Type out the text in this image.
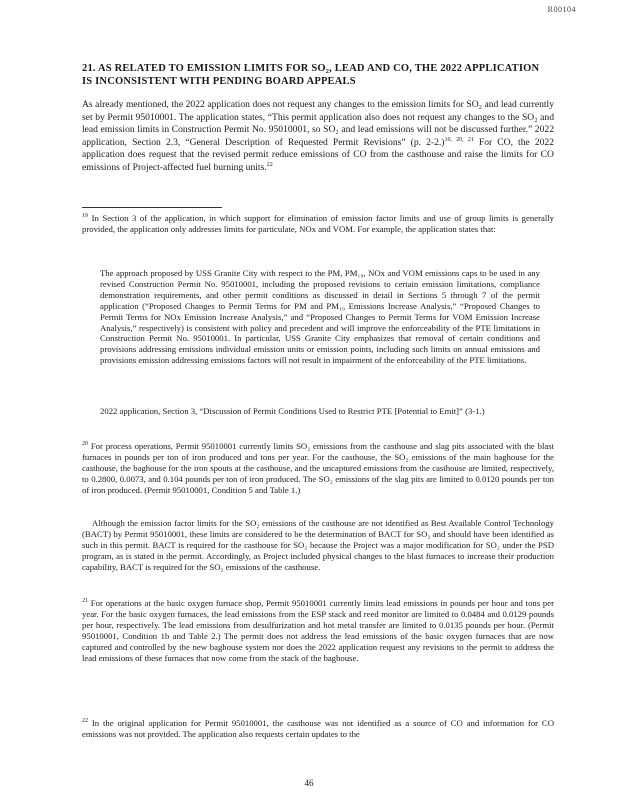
R00104
21. AS RELATED TO EMISSION LIMITS FOR SO₂, LEAD AND CO, THE 2022 APPLICATION IS INCONSISTENT WITH PENDING BOARD APPEALS
As already mentioned, the 2022 application does not request any changes to the emission limits for SO₂ and lead currently set by Permit 95010001. The application states, “This permit application also does not request any changes to the SO₂ and lead emission limits in Construction Permit No. 95010001, so SO₂ and lead emissions will not be discussed further.” 2022 application, Section 2.3, “General Description of Requested Permit Revisions” (p. 2-2.)$^{10, 20, 21}$ For CO, the 2022 application does request that the revised permit reduce emissions of CO from the casthouse and raise the limits for CO emissions of Project-affected fuel burning units.$^{22}$
$^{19}$ In Section 3 of the application, in which support for elimination of emission factor limits and use of group limits is generally provided, the application only addresses limits for particulate, NOx and VOM. For example, the application states that:
The approach proposed by USS Granite City with respect to the PM, PM₁₀, NOx and VOM emissions caps to be used in any revised Construction Permit No. 95010001, including the proposed revisions to certain emission limitations, compliance demonstration requirements, and other permit conditions as discussed in detail in Sections 5 through 7 of the permit application (“Proposed Changes to Permit Terms for PM and PM₁₀ Emissions Increase Analysis,” “Proposed Changes to Permit Terms for NOx Emission Increase Analysis,” and “Proposed Changes to Permit Terms for VOM Emission Increase Analysis,” respectively) is consistent with policy and precedent and will improve the enforceability of the PTE limitations in Construction Permit No. 95010001. In particular, USS Granite City emphasizes that removal of certain conditions and provisions addressing emissions individual emission units or emission points, including such limits on annual emissions and provisions emission addressing emissions factors will not result in impairment of the enforceability of the PTE limitations.
2022 application, Section 3, “Discussion of Permit Conditions Used to Restrict PTE [Potential to Emit]” (3-1.)
$^{20}$ For process operations, Permit 95010001 currently limits SO₂ emissions from the casthouse and slag pits associated with the blast furnaces in pounds per ton of iron produced and tons per year. For the casthouse, the SO₂ emissions of the main baghouse for the casthouse, the baghouse for the iron spouts at the casthouse, and the uncaptured emissions from the casthouse are limited, respectively, to 0.2800, 0.0073, and 0.104 pounds per ton of iron produced. The SO₂ emissions of the slag pits are limited to 0.0120 pounds per ton of iron produced. (Permit 95010001, Condition 5 and Table 1.)
Although the emission factor limits for the SO₂ emissions of the casthouse are not identified as Best Available Control Technology (BACT) by Permit 95010001, these limits are considered to be the determination of BACT for SO₂ and should have been identified as such in this permit. BACT is required for the casthouse for SO₂ because the Project was a major modification for SO₂ under the PSD program, as is stated in the permit. Accordingly, as Project included physical changes to the blast furnaces to increase their production capability, BACT is required for the SO₂ emissions of the casthouse.
$^{21}$ For operations at the basic oxygen furnace shop, Permit 95010001 currently limits lead emissions in pounds per hour and tons per year. For the basic oxygen furnaces, the lead emissions from the ESP stack and reed monitor are limited to 0.0484 and 0.0129 pounds per hour, respectively. The lead emissions from desulfurization and hot metal transfer are limited to 0.0135 pounds per hour. (Permit 95010001, Condition 1b and Table 2.) The permit does not address the lead emissions of the basic oxygen furnaces that are now captured and controlled by the new baghouse system nor does the 2022 application request any revisions to the permit to address the lead emissions of these furnaces that now come from the stack of the baghouse.
$^{22}$ In the original application for Permit 95010001, the casthouse was not identified as a source of CO and information for CO emissions was not provided. The application also requests certain updates to the
46
